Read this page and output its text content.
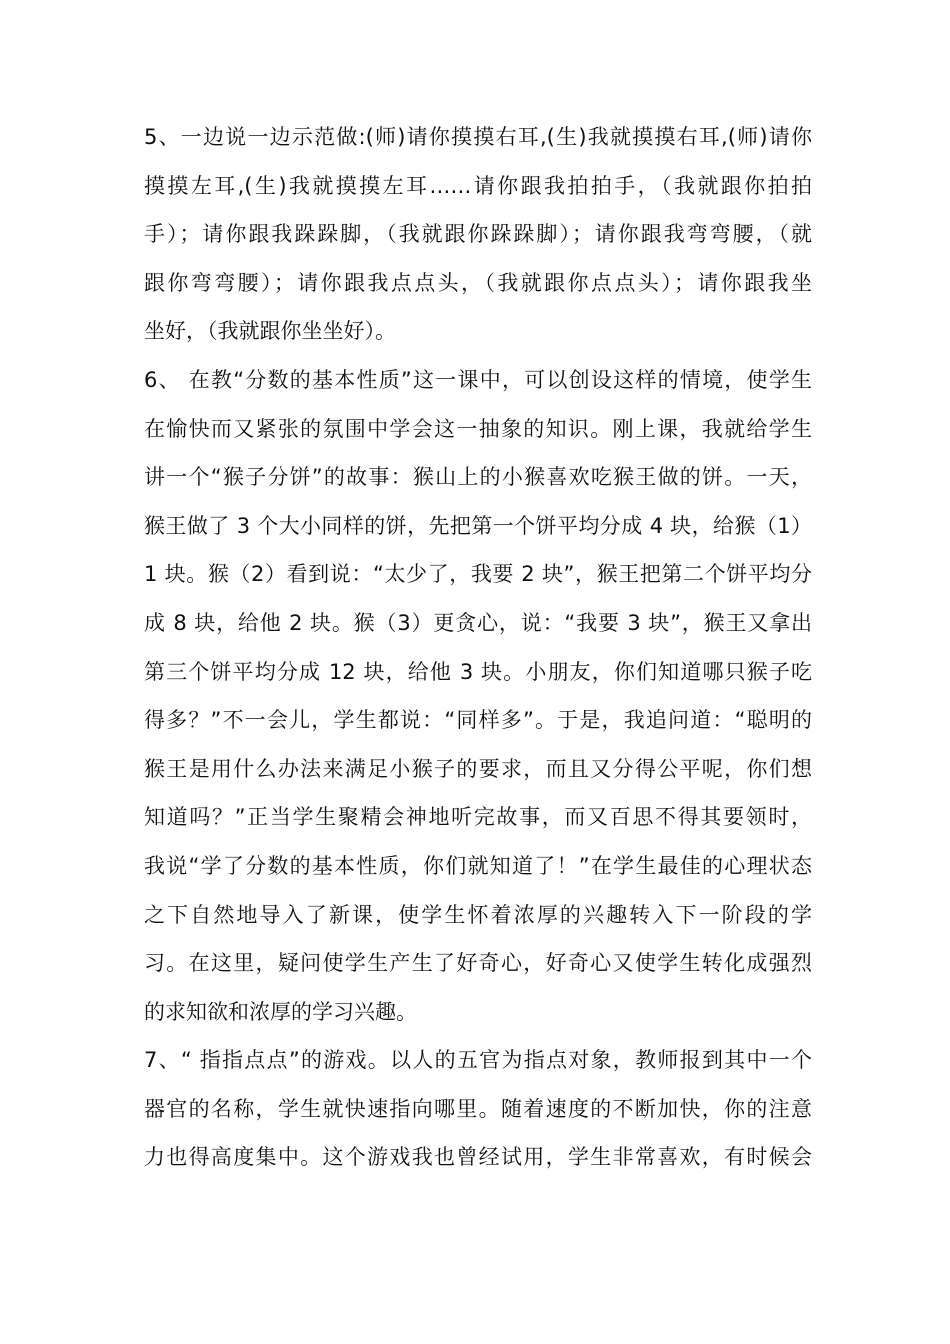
5、一边说一边示范做:(师)请你摸摸右耳,(生)我就摸摸右耳,(师)请你
摸摸左耳,(生)我就摸摸左耳……请你跟我拍拍手，（我就跟你拍拍
手）；请你跟我跺跺脚，（我就跟你跺跺脚）；请你跟我弯弯腰，（就
跟你弯弯腰）；请你跟我点点头，（我就跟你点点头）；请你跟我坐
坐好，（我就跟你坐坐好）。
6、 在教“分数的基本性质”这一课中，可以创设这样的情境，使学生
在愉快而又紧张的氛围中学会这一抽象的知识。刚上课，我就给学生
讲一个“猴子分饼”的故事：猴山上的小猴喜欢吃猴王做的饼。一天，
猴王做了 3 个大小同样的饼，先把第一个饼平均分成 4 块，给猴（1）
1 块。猴（2）看到说：“太少了，我要 2 块”，猴王把第二个饼平均分
成 8 块，给他 2 块。猴（3）更贪心，说：“我要 3 块”，猴王又拿出
第三个饼平均分成 12 块，给他 3 块。小朋友，你们知道哪只猴子吃
得多？”不一会儿，学生都说：“同样多”。于是，我追问道：“聪明的
猴王是用什么办法来满足小猴子的要求，而且又分得公平呢，你们想
知道吗？”正当学生聚精会神地听完故事，而又百思不得其要领时，
我说“学了分数的基本性质，你们就知道了！”在学生最佳的心理状态
之下自然地导入了新课，使学生怀着浓厚的兴趣转入下一阶段的学
习。在这里，疑问使学生产生了好奇心，好奇心又使学生转化成强烈
的求知欲和浓厚的学习兴趣。
7、“ 指指点点”的游戏。以人的五官为指点对象，教师报到其中一个
器官的名称，学生就快速指向哪里。随着速度的不断加快，你的注意
力也得高度集中。这个游戏我也曾经试用，学生非常喜欢，有时候会
